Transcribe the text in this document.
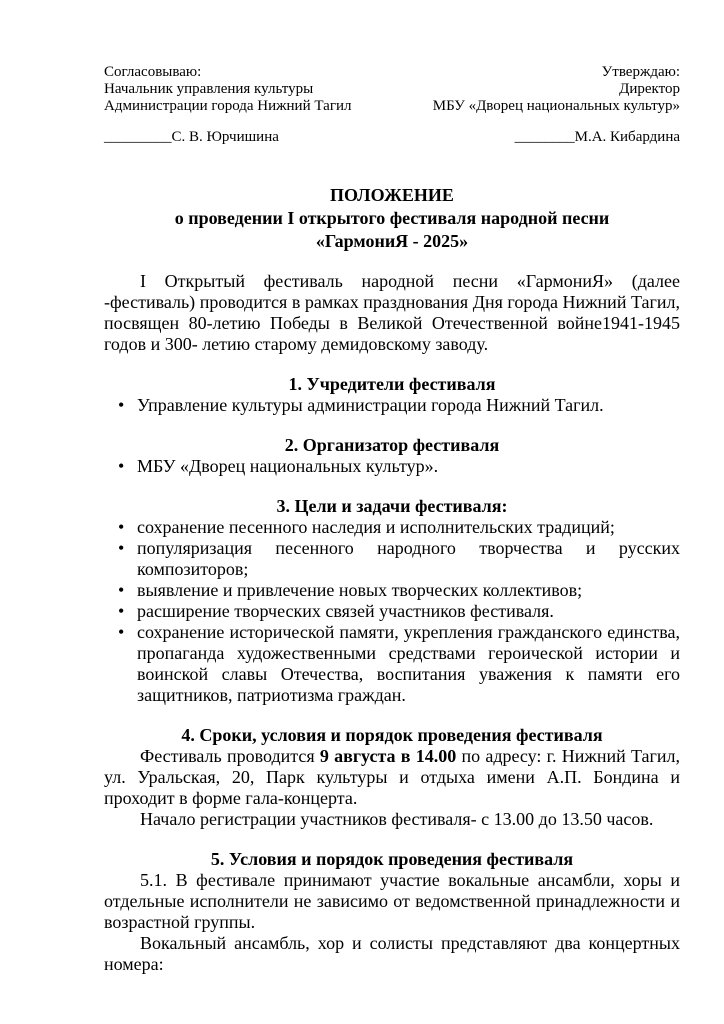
Согласовываю:
Начальник управления культуры
Администрации города Нижний Тагил
_________С. В. Юрчишина
Утверждаю:
Директор
МБУ «Дворец национальных культур»
________М.А. Кибардина
ПОЛОЖЕНИЕ
о проведении I открытого фестиваля народной песни
«ГармониЯ - 2025»

I Открытый фестиваль народной песни «ГармониЯ» (далее -фестиваль) проводится в рамках празднования Дня города Нижний Тагил, посвящен 80-летию Победы в Великой Отечественной войне1941-1945 годов и 300- летию старому демидовскому заводу.

1. Учредители фестиваля
• Управление культуры администрации города Нижний Тагил.
2. Организатор фестиваля
• МБУ «Дворец национальных культур».
3. Цели и задачи фестиваля:
• сохранение песенного наследия и исполнительских традиций;
• популяризация песенного народного творчества и русских композиторов;
• выявление и привлечение новых творческих коллективов;
• расширение творческих связей участников фестиваля.
• сохранение исторической памяти, укрепления гражданского единства, пропаганда художественными средствами героической истории и воинской славы Отечества, воспитания уважения к памяти его защитников, патриотизма граждан.
4. Сроки, условия и порядок проведения фестиваля

Фестиваль проводится 9 августа в 14.00 по адресу: г. Нижний Тагил, ул. Уральская, 20, Парк культуры и отдыха имени А.П. Бондина и проходит в форме гала-концерта.

Начало регистрации участников фестиваля- с 13.00 до 13.50 часов.

5. Условия и порядок проведения фестиваля

5.1. В фестивале принимают участие вокальные ансамбли, хоры и отдельные исполнители не зависимо от ведомственной принадлежности и возрастной группы.

Вокальный ансамбль, хор и солисты представляют два концертных номера:
